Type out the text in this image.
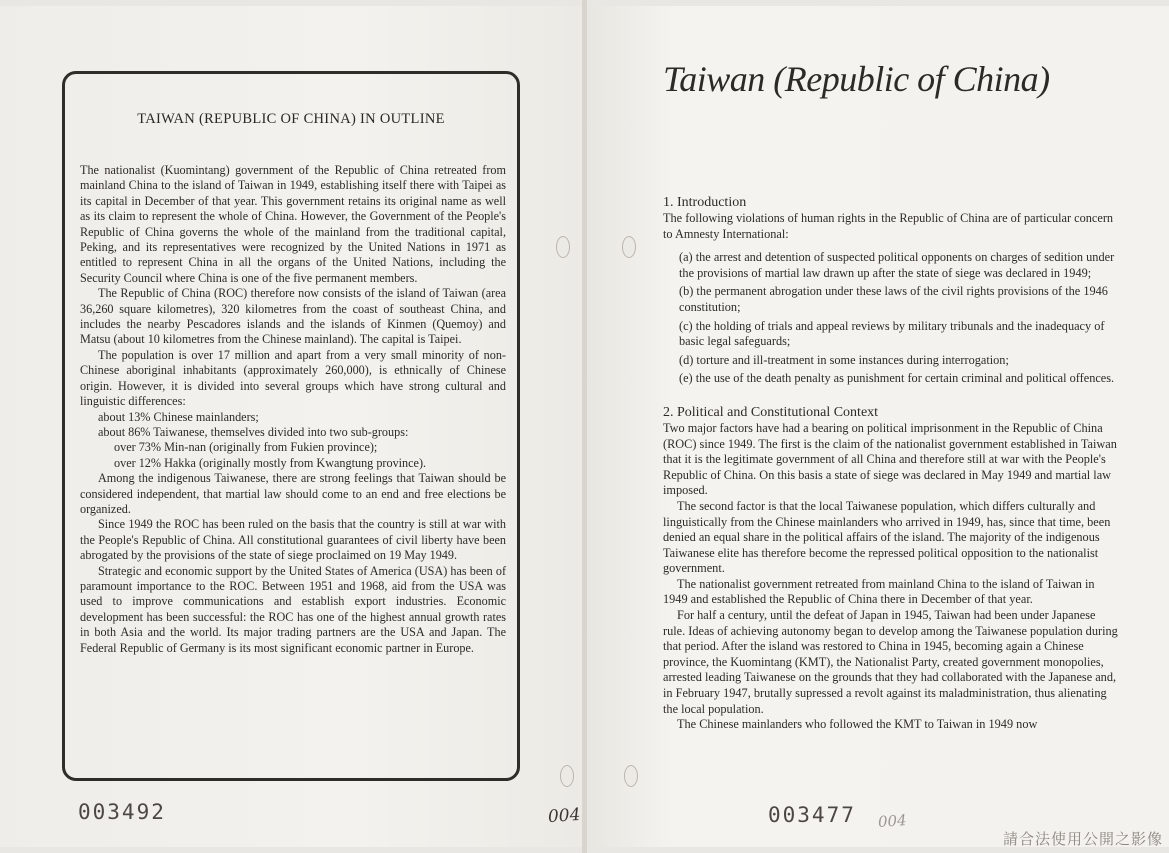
TAIWAN (REPUBLIC OF CHINA) IN OUTLINE

The nationalist (Kuomintang) government of the Republic of China retreated from mainland China to the island of Taiwan in 1949, establishing itself there with Taipei as its capital in December of that year. This government retains its original name as well as its claim to represent the whole of China. However, the Government of the People's Republic of China governs the whole of the mainland from the traditional capital, Peking, and its representatives were recognized by the United Nations in 1971 as entitled to represent China in all the organs of the United Nations, including the Security Council where China is one of the five permanent members.

The Republic of China (ROC) therefore now consists of the island of Taiwan (area 36,260 square kilometres), 320 kilometres from the coast of southeast China, and includes the nearby Pescadores islands and the islands of Kinmen (Quemoy) and Matsu (about 10 kilometres from the Chinese mainland). The capital is Taipei.

The population is over 17 million and apart from a very small minority of non-Chinese aboriginal inhabitants (approximately 260,000), is ethnically of Chinese origin. However, it is divided into several groups which have strong cultural and linguistic differences:

about 13% Chinese mainlanders;

about 86% Taiwanese, themselves divided into two sub-groups:

over 73% Min-nan (originally from Fukien province);

over 12% Hakka (originally mostly from Kwangtung province).

Among the indigenous Taiwanese, there are strong feelings that Taiwan should be considered independent, that martial law should come to an end and free elections be organized.

Since 1949 the ROC has been ruled on the basis that the country is still at war with the People's Republic of China. All constitutional guarantees of civil liberty have been abrogated by the provisions of the state of siege proclaimed on 19 May 1949.

Strategic and economic support by the United States of America (USA) has been of paramount importance to the ROC. Between 1951 and 1968, aid from the USA was used to improve communications and establish export industries. Economic development has been successful: the ROC has one of the highest annual growth rates in both Asia and the world. Its major trading partners are the USA and Japan. The Federal Republic of Germany is its most significant economic partner in Europe.

003492	004
Taiwan (Republic of China)
1. Introduction

The following violations of human rights in the Republic of China are of particular concern to Amnesty International:

(a) the arrest and detention of suspected political opponents on charges of sedition under the provisions of martial law drawn up after the state of siege was declared in 1949;

(b) the permanent abrogation under these laws of the civil rights provisions of the 1946 constitution;

(c) the holding of trials and appeal reviews by military tribunals and the inadequacy of basic legal safeguards;

(d) torture and ill-treatment in some instances during interrogation;

(e) the use of the death penalty as punishment for certain criminal and political offences.

2. Political and Constitutional Context

Two major factors have had a bearing on political imprisonment in the Republic of China (ROC) since 1949. The first is the claim of the nationalist government established in Taiwan that it is the legitimate government of all China and therefore still at war with the People's Republic of China. On this basis a state of siege was declared in May 1949 and martial law imposed.

The second factor is that the local Taiwanese population, which differs culturally and linguistically from the Chinese mainlanders who arrived in 1949, has, since that time, been denied an equal share in the political affairs of the island. The majority of the indigenous Taiwanese elite has therefore become the repressed political opposition to the nationalist government.

The nationalist government retreated from mainland China to the island of Taiwan in 1949 and established the Republic of China there in December of that year.

For half a century, until the defeat of Japan in 1945, Taiwan had been under Japanese rule. Ideas of achieving autonomy began to develop among the Taiwanese population during that period. After the island was restored to China in 1945, becoming again a Chinese province, the Kuomintang (KMT), the Nationalist Party, created government monopolies, arrested leading Taiwanese on the grounds that they had collaborated with the Japanese and, in February 1947, brutally supressed a revolt against its maladministration, thus alienating the local population.

The Chinese mainlanders who followed the KMT to Taiwan in 1949 now

003477 004
請合法使用公開之影像
